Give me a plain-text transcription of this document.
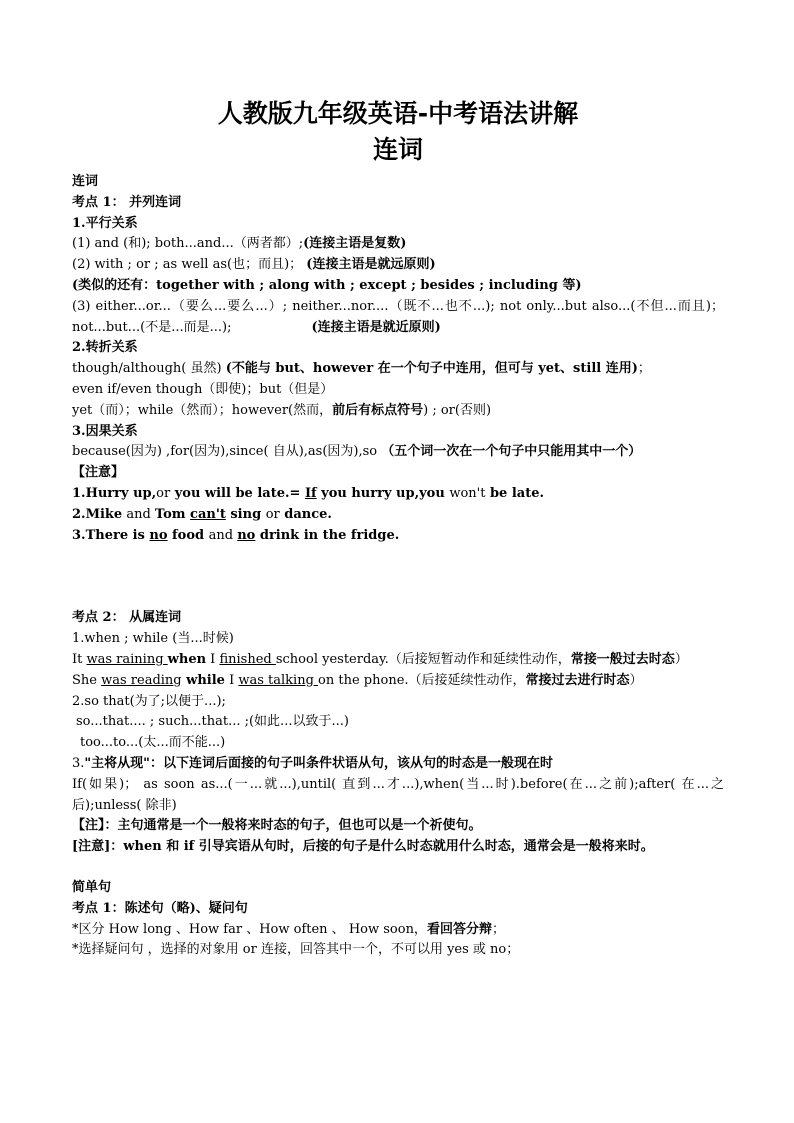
人教版九年级英语-中考语法讲解
连词
连词
考点 1： 并列连词
1.平行关系
(1) and (和); both...and...（两者都）;(连接主语是复数)
(2) with ; or ; as well as(也；而且)； (连接主语是就远原则)
(类似的还有：together with ; along with ; except ; besides ; including 等)
(3) either...or...（要么...要么...）; neither...nor....（既不...也不...); not only...but also...(不但...而且)； not...but...(不是...而是...);	(连接主语是就近原则)
2.转折关系
though/although( 虽然) (不能与 but、however 在一个句子中连用，但可与 yet、still 连用)；
even if/even though（即使)；but（但是）
yet（而）；while（然而）；however(然而，前后有标点符号) ; or(否则)
3.因果关系
because(因为) ,for(因为),since( 自从),as(因为),so （五个词一次在一个句子中只能用其中一个）
【注意】
1.Hurry up,or you will be late.= If you hurry up,you won't be late.
2.Mike and Tom can't sing or dance.
3.There is no food and no drink in the fridge.
考点 2： 从属连词
1.when ; while (当...时候)
It was raining when I finished school yesterday.（后接短暂动作和延续性动作，常接一般过去时态）
She was reading while I was talking on the phone.（后接延续性动作，常接过去进行时态）
2.so that(为了;以便于...);
so...that.... ; such...that... ;(如此...以致于...)
too...to...(太...而不能...)
3."主将从现"：以下连词后面接的句子叫条件状语从句，该从句的时态是一般现在时
If(如果)； as soon as...(一...就...),until( 直到...才...),when(当...时).before(在...之前);after( 在...之后);unless( 除非)
【注】：主句通常是一个一般将来时态的句子，但也可以是一个祈使句。
[注意]：when 和 if 引导宾语从句时，后接的句子是什么时态就用什么时态，通常会是一般将来时。
简单句
考点 1：陈述句（略)、疑问句
*区分 How long 、How far 、How often 、 How soon，看回答分辩；
*选择疑问句 ，选择的对象用 or 连接，回答其中一个，不可以用 yes 或 no；
